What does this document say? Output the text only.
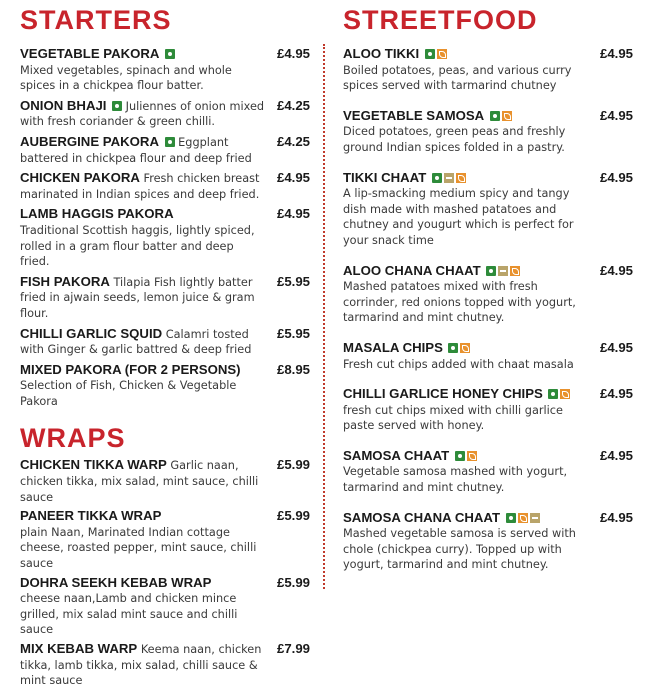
STARTERS
VEGETABLE PAKORA	£4.95

Mixed vegetables, spinach and whole spices in a chickpea flour batter.
ONION BHAJI	£4.25
Juliennes of onion mixed with fresh coriander & green chilli.
AUBERGINE PAKORA	£4.25
Eggplant battered in chickpea flour and deep fried
CHICKEN PAKORA	£4.95
Fresh chicken breast marinated in Indian spices and deep fried.
LAMB HAGGIS PAKORA	£4.95

Traditional Scottish haggis, lightly spiced, rolled in a gram flour batter and deep fried.
FISH PAKORA	£5.95
Tilapia Fish lightly batter fried in ajwain seeds, lemon juice & gram flour.
CHILLI GARLIC SQUID	£5.95
Calamri tosted with Ginger & garlic battred & deep fried
MIXED PAKORA (FOR 2 PERSONS)	£8.95

Selection of Fish, Chicken & Vegetable Pakora
WRAPS
CHICKEN TIKKA WARP	£5.99
Garlic naan, chicken tikka, mix salad, mint sauce, chilli sauce
PANEER TIKKA WRAP	£5.99

plain Naan, Marinated Indian cottage cheese, roasted pepper, mint sauce, chilli sauce
DOHRA SEEKH KEBAB WRAP	£5.99

cheese naan,Lamb and chicken mince grilled, mix salad mint sauce and chilli sauce
MIX KEBAB WARP	£7.99
Keema naan, chicken tikka, lamb tikka, mix salad, chilli sauce & mint sauce
STREETFOOD
ALOO TIKKI	£4.95

Boiled potatoes, peas, and various curry spices served with tarmarind chutney
VEGETABLE SAMOSA	£4.95

Diced potatoes, green peas and freshly ground Indian spices folded in a pastry.
TIKKI CHAAT	£4.95

A lip-smacking medium spicy and tangy dish made with mashed patatoes and chutney and yougurt which is perfect for your snack time
ALOO CHANA CHAAT	£4.95

Mashed patatoes mixed with fresh corrinder, red onions topped with yogurt, tarmarind and mint chutney.
MASALA CHIPS	£4.95

Fresh cut chips added with chaat masala
CHILLI GARLICE HONEY CHIPS	£4.95

fresh cut chips mixed with chilli garlice paste served with honey.
SAMOSA CHAAT	£4.95

Vegetable samosa mashed with yogurt, tarmarind and mint chutney.
SAMOSA CHANA CHAAT	£4.95

Mashed vegetable samosa is served with chole (chickpea curry). Topped up with yogurt, tarmarind and mint chutney.
